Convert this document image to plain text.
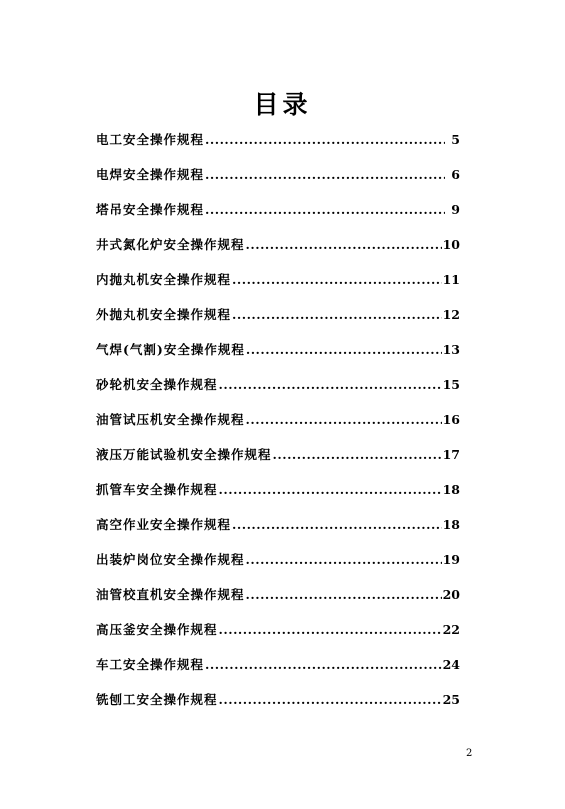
目录
电工安全操作规程 .....	5
电焊安全操作规程 .....	6
塔吊安全操作规程 .....	9
井式氮化炉安全操作规程 .....	10
内抛丸机安全操作规程 .....	11
外抛丸机安全操作规程 .....	12
气焊(气割)安全操作规程 .....	13
砂轮机安全操作规程 .....	15
油管试压机安全操作规程 .....	16
液压万能试验机安全操作规程 .....	17
抓管车安全操作规程 .....	18
高空作业安全操作规程 .....	18
出装炉岗位安全操作规程 .....	19
油管校直机安全操作规程 .....	20
高压釜安全操作规程 .....	22
车工安全操作规程 .....	24
铣刨工安全操作规程 .....	25
2
